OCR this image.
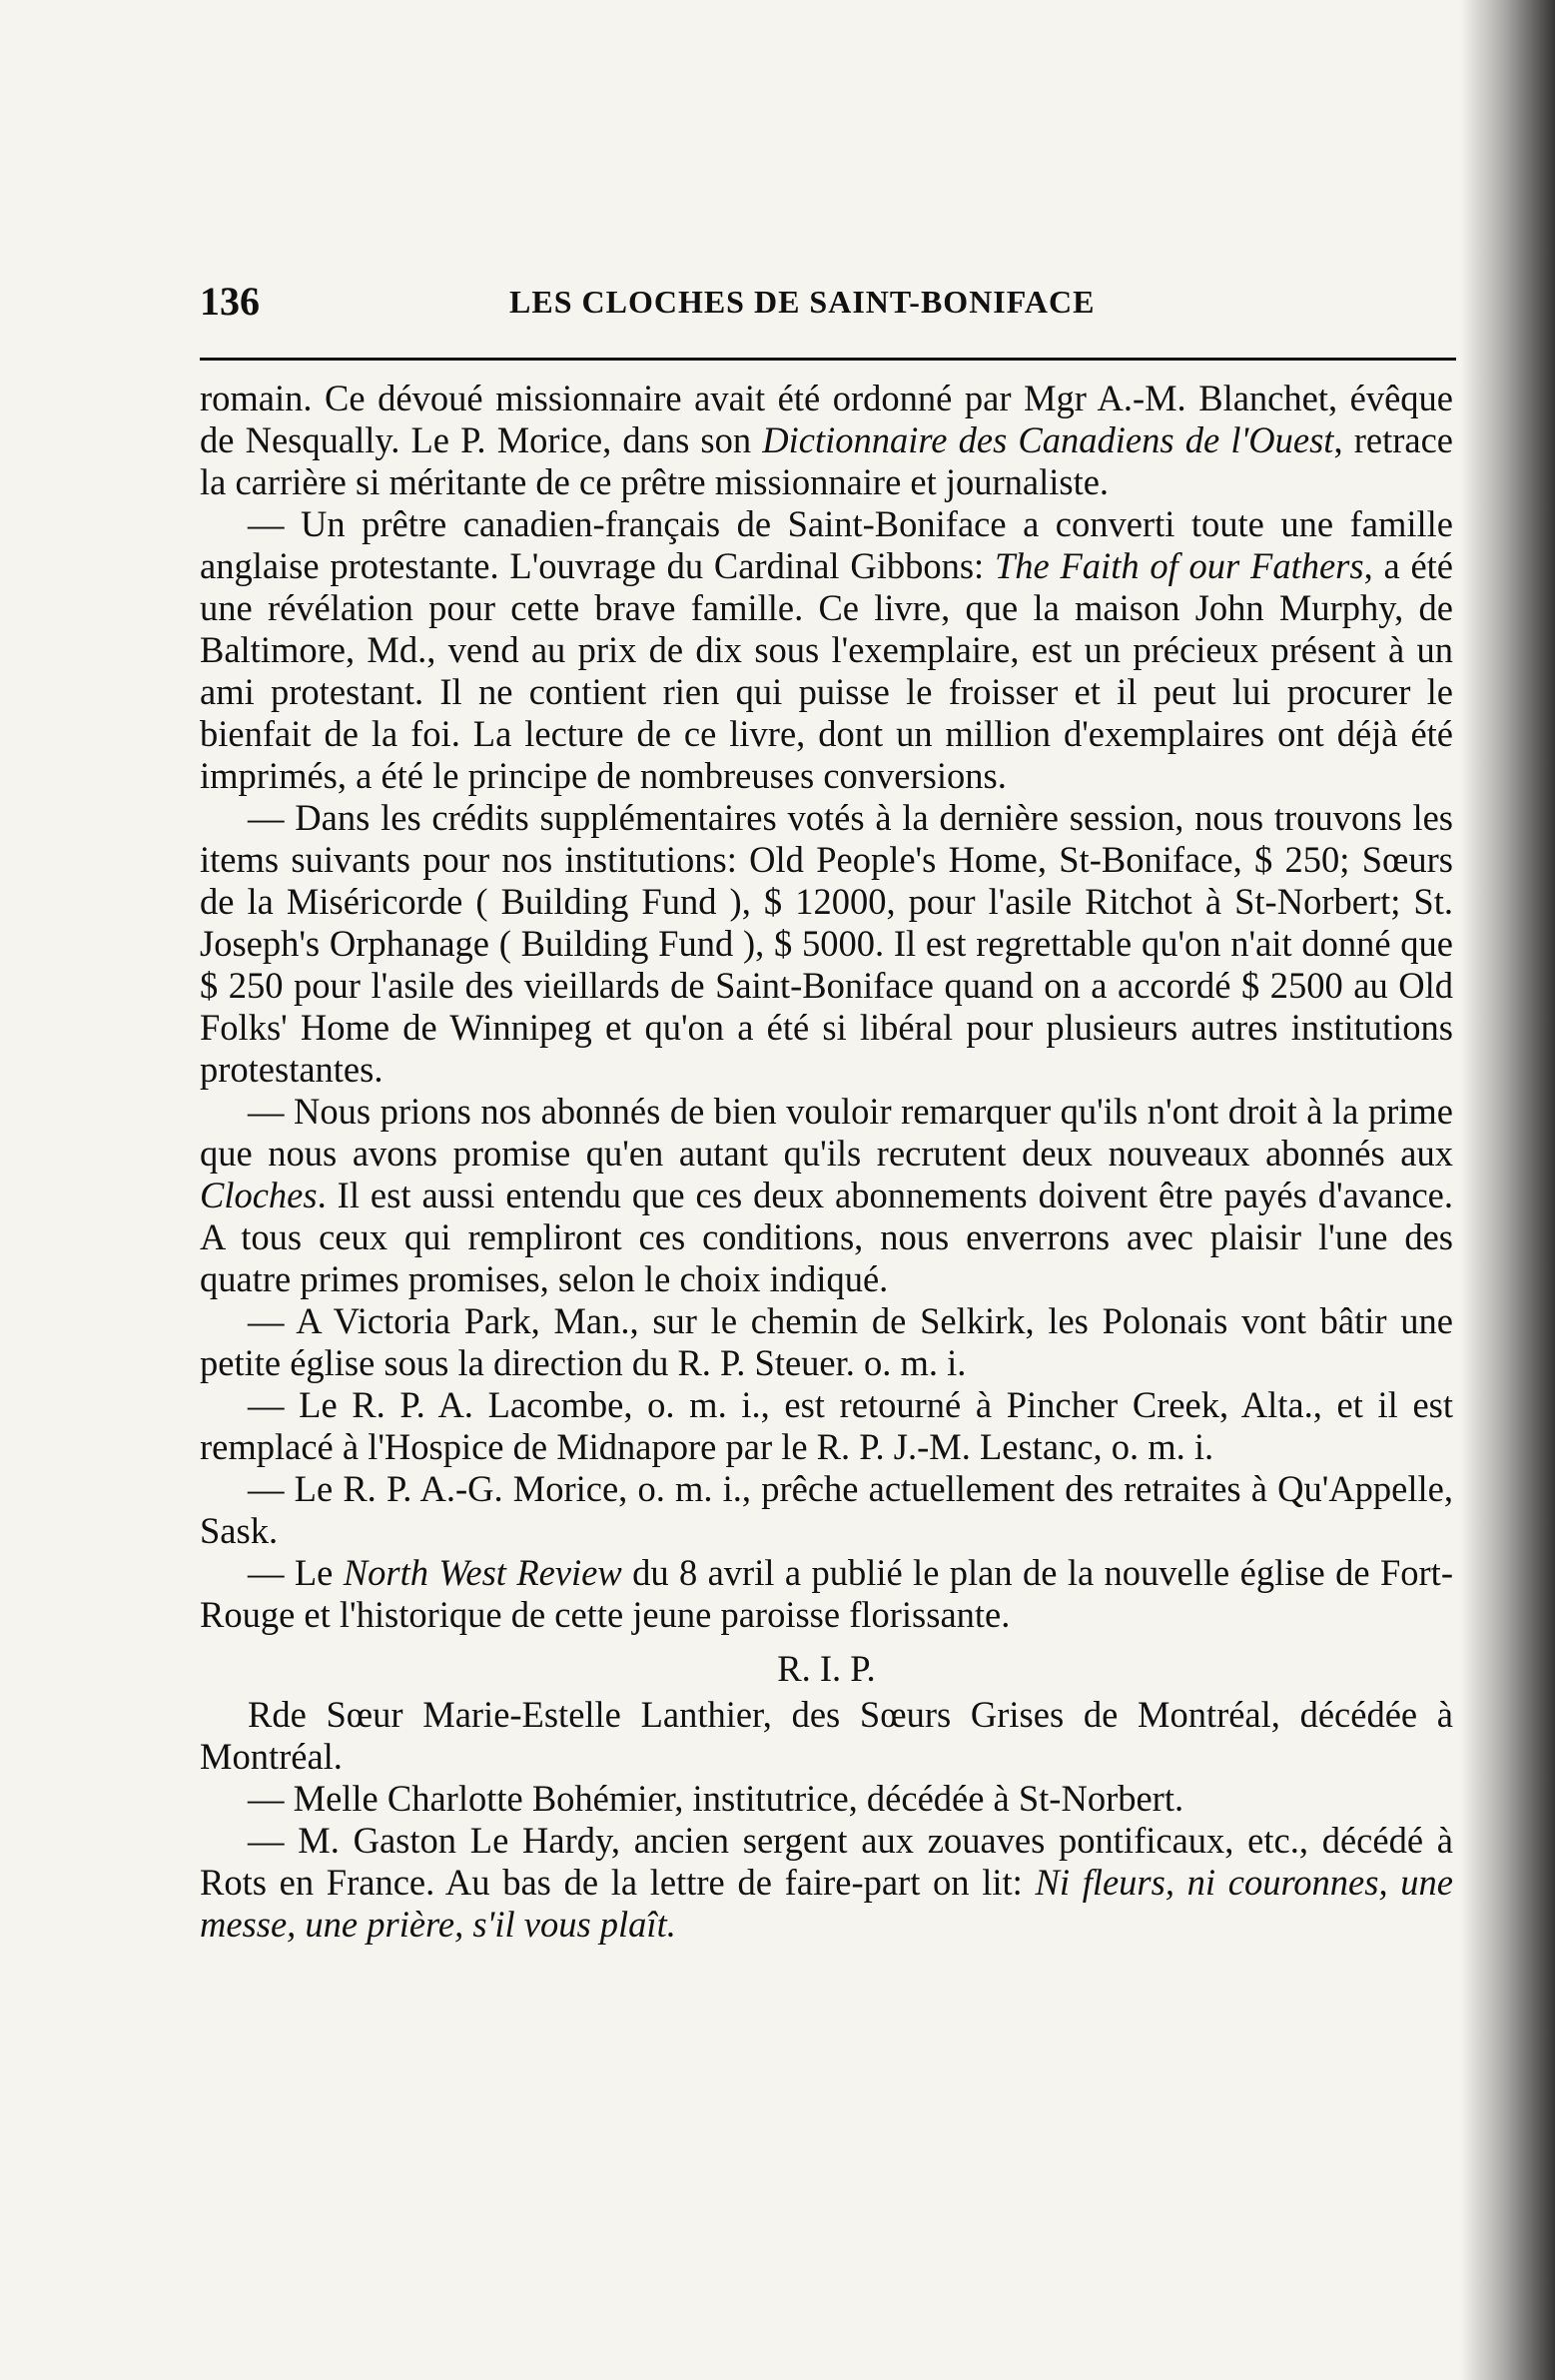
136	LES CLOCHES DE SAINT-BONIFACE

romain. Ce dévoué missionnaire avait été ordonné par Mgr A.-M. Blanchet, évêque de Nesqually. Le P. Morice, dans son Dictionnaire des Canadiens de l'Ouest, retrace la carrière si méritante de ce prêtre missionnaire et journaliste.

— Un prêtre canadien-français de Saint-Boniface a converti toute une famille anglaise protestante. L'ouvrage du Cardinal Gibbons: The Faith of our Fathers, a été une révélation pour cette brave famille. Ce livre, que la maison John Murphy, de Baltimore, Md., vend au prix de dix sous l'exemplaire, est un précieux présent à un ami protestant. Il ne contient rien qui puisse le froisser et il peut lui procurer le bienfait de la foi. La lecture de ce livre, dont un million d'exemplaires ont déjà été imprimés, a été le principe de nombreuses conversions.

— Dans les crédits supplémentaires votés à la dernière session, nous trouvons les items suivants pour nos institutions: Old People's Home, St-Boniface, $ 250; Sœurs de la Miséricorde ( Building Fund ), $ 12000, pour l'asile Ritchot à St-Norbert; St. Joseph's Orphanage ( Building Fund ), $ 5000. Il est regrettable qu'on n'ait donné que $ 250 pour l'asile des vieillards de Saint-Boniface quand on a accordé $ 2500 au Old Folks' Home de Winnipeg et qu'on a été si libéral pour plusieurs autres institutions protestantes.

— Nous prions nos abonnés de bien vouloir remarquer qu'ils n'ont droit à la prime que nous avons promise qu'en autant qu'ils recrutent deux nouveaux abonnés aux Cloches. Il est aussi entendu que ces deux abonnements doivent être payés d'avance. A tous ceux qui rempliront ces conditions, nous enverrons avec plaisir l'une des quatre primes promises, selon le choix indiqué.

— A Victoria Park, Man., sur le chemin de Selkirk, les Polonais vont bâtir une petite église sous la direction du R. P. Steuer. o. m. i.

— Le R. P. A. Lacombe, o. m. i., est retourné à Pincher Creek, Alta., et il est remplacé à l'Hospice de Midnapore par le R. P. J.-M. Lestanc, o. m. i.

— Le R. P. A.-G. Morice, o. m. i., prêche actuellement des retraites à Qu'Appelle, Sask.

— Le North West Review du 8 avril a publié le plan de la nouvelle église de Fort-Rouge et l'historique de cette jeune paroisse florissante.

R. I. P.

Rde Sœur Marie-Estelle Lanthier, des Sœurs Grises de Montréal, décédée à Montréal.

— Melle Charlotte Bohémier, institutrice, décédée à St-Norbert.

— M. Gaston Le Hardy, ancien sergent aux zouaves pontificaux, etc., décédé à Rots en France. Au bas de la lettre de faire-part on lit: Ni fleurs, ni couronnes, une messe, une prière, s'il vous plaît.
